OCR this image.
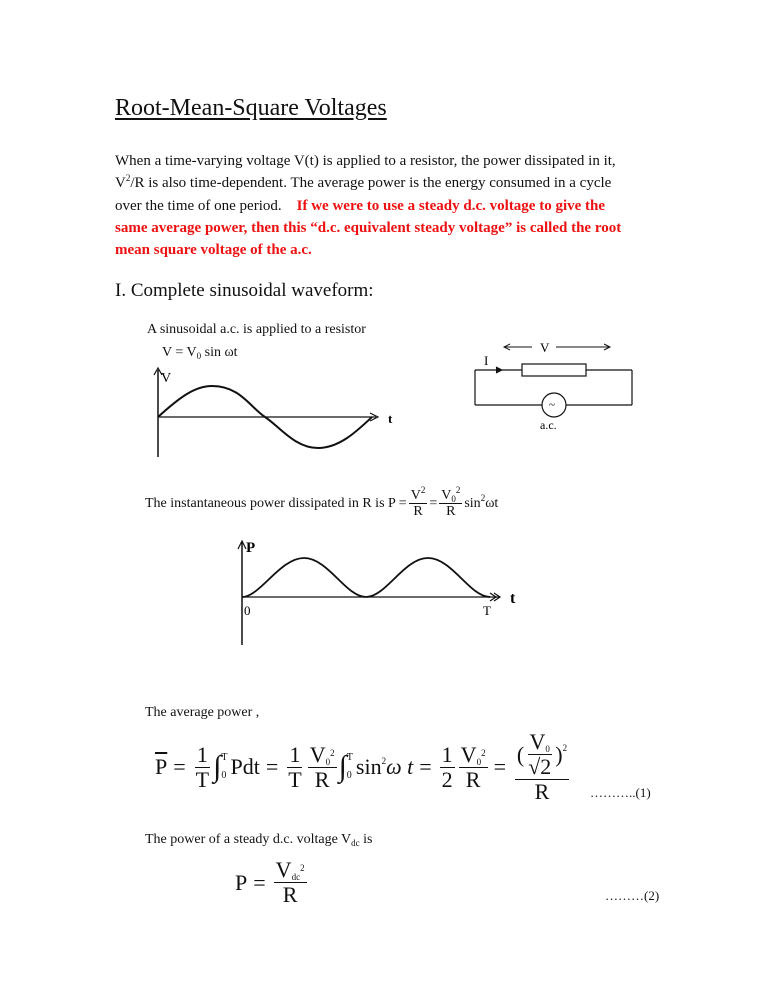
Root-Mean-Square Voltages

When a time-varying voltage V(t) is applied to a resistor, the power dissipated in it,

$V^2/R$ is also time-dependent. The average power is the energy consumed in a cycle

over the time of one period. If we were to use a steady d.c. voltage to give the

same average power, then this “d.c. equivalent steady voltage” is called the root

mean square voltage of the a.c.

I. Complete sinusoidal waveform:
A sinusoidal a.c. is applied to a resistor
$V = V_0$ sin ωt
V
t
V
I
~
a.c.
The instantaneous power dissipated in R is $P = \frac{V^2}{R} = \frac{V_0^2}{R}$ sin 2 ωt
P
t
0	T
The average power ,
$\overline{P} = \frac{1}{T}$ ∫ T
0 Pdt = $\frac{1}{T} \frac{V0^2}{R}$ ∫ T
0 sin 2 ω $t = \frac{1}{2} \frac{V0^2}{R} = \frac{( \frac{V0}{√2} ) 2}{R}$ ………..(1)
The power of a steady d.c. voltage $V_{dc}$ is
$P = \frac{Vdc^2}{R}$	………(2)
